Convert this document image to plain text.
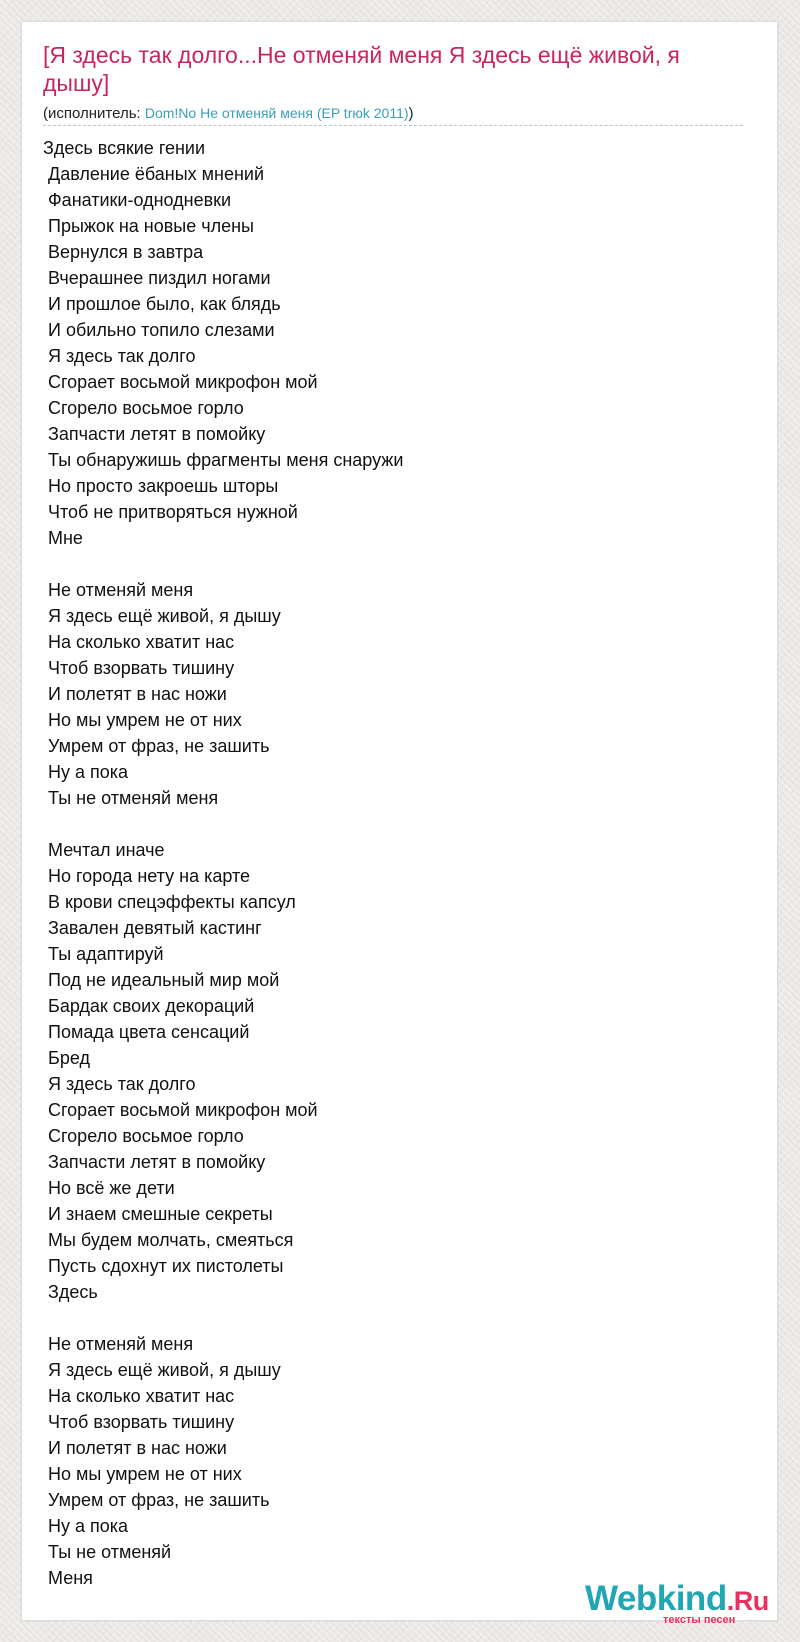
[Я здесь так долго...Не отменяй меня Я здесь ещё живой, я дышу]
(исполнитель: Dom!No Не отменяй меня (EP trюk 2011))
Здесь всякие гении
Давление ёбаных мнений
Фанатики-однодневки
Прыжок на новые члены
Вернулся в завтра
Вчерашнее пиздил ногами
И прошлое было, как блядь
И обильно топило слезами
Я здесь так долго
Сгорает восьмой микрофон мой
Сгорело восьмое горло
Запчасти летят в помойку
Ты обнаружишь фрагменты меня снаружи
Но просто закроешь шторы
Чтоб не притворяться нужной
Мне

Не отменяй меня
Я здесь ещё живой, я дышу
На сколько хватит нас
Чтоб взорвать тишину
И полетят в нас ножи
Но мы умрем не от них
Умрем от фраз, не зашить
Ну а пока
Ты не отменяй меня

Мечтал иначе
Но города нету на карте
В крови спецэффекты капсул
Завален девятый кастинг
Ты адаптируй
Под не идеальный мир мой
Бардак своих декораций
Помада цвета сенсаций
Бред
Я здесь так долго
Сгорает восьмой микрофон мой
Сгорело восьмое горло
Запчасти летят в помойку
Но всё же дети
И знаем смешные секреты
Мы будем молчать, смеяться
Пусть сдохнут их пистолеты
Здесь

Не отменяй меня
Я здесь ещё живой, я дышу
На сколько хватит нас
Чтоб взорвать тишину
И полетят в нас ножи
Но мы умрем не от них
Умрем от фраз, не зашить
Ну а пока
Ты не отменяй
Меня
Webkind.Ru
тексты песен
